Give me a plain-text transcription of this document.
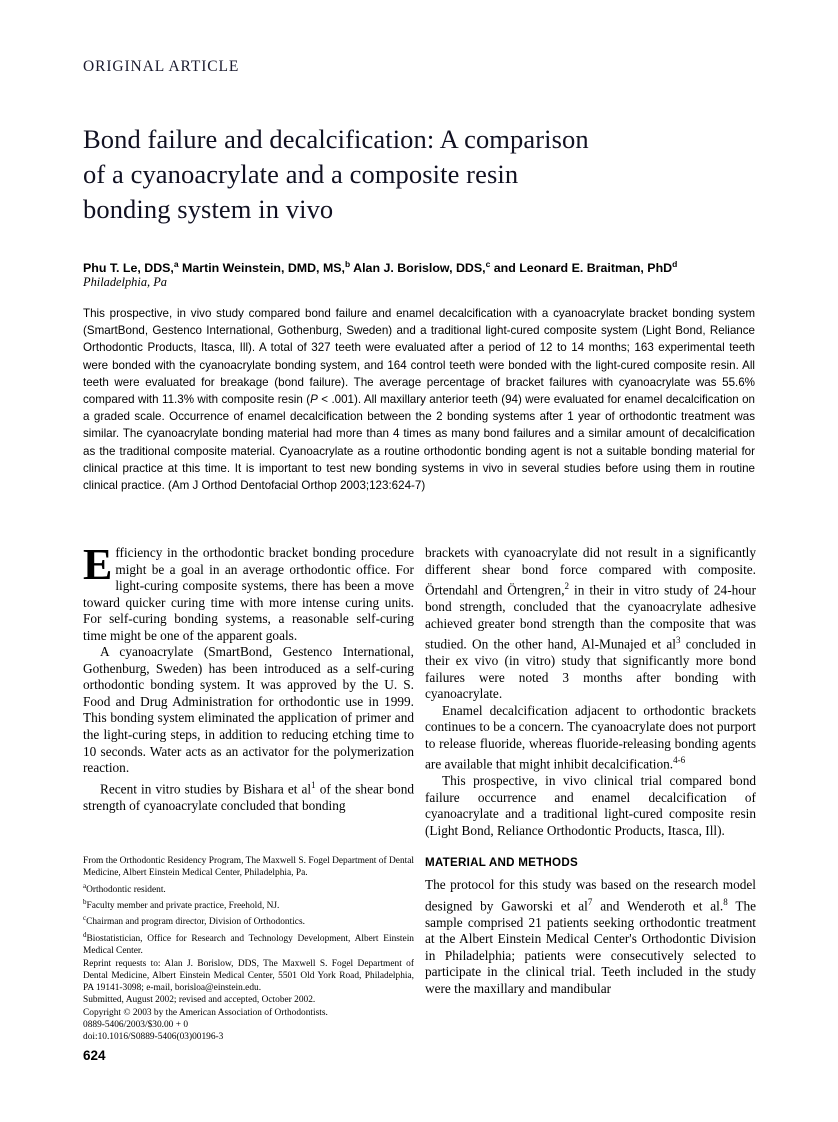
ORIGINAL ARTICLE
Bond failure and decalcification: A comparison
of a cyanoacrylate and a composite resin
bonding system in vivo
Phu T. Le, DDS,$^a$ Martin Weinstein, DMD, MS,$^b$ Alan J. Borislow, DDS,$^c$ and Leonard E. Braitman, PhD$^d$
Philadelphia, Pa
This prospective, in vivo study compared bond failure and enamel decalcification with a cyanoacrylate bracket bonding system (SmartBond, Gestenco International, Gothenburg, Sweden) and a traditional light-cured composite system (Light Bond, Reliance Orthodontic Products, Itasca, Ill). A total of 327 teeth were evaluated after a period of 12 to 14 months; 163 experimental teeth were bonded with the cyanoacrylate bonding system, and 164 control teeth were bonded with the light-cured composite resin. All teeth were evaluated for breakage (bond failure). The average percentage of bracket failures with cyanoacrylate was 55.6% compared with 11.3% with composite resin (P < .001). All maxillary anterior teeth (94) were evaluated for enamel decalcification on a graded scale. Occurrence of enamel decalcification between the 2 bonding systems after 1 year of orthodontic treatment was similar. The cyanoacrylate bonding material had more than 4 times as many bond failures and a similar amount of decalcification as the traditional composite material. Cyanoacrylate as a routine orthodontic bonding agent is not a suitable bonding material for clinical practice at this time. It is important to test new bonding systems in vivo in several studies before using them in routine clinical practice. (Am J Orthod Dentofacial Orthop 2003;123:624-7)

Efficiency in the orthodontic bracket bonding procedure might be a goal in an average orthodontic office. For light-curing composite systems, there has been a move toward quicker curing time with more intense curing units. For self-curing bonding systems, a reasonable self-curing time might be one of the apparent goals.

A cyanoacrylate (SmartBond, Gestenco International, Gothenburg, Sweden) has been introduced as a self-curing orthodontic bonding system. It was approved by the U. S. Food and Drug Administration for orthodontic use in 1999. This bonding system eliminated the application of primer and the light-curing steps, in addition to reducing etching time to 10 seconds. Water acts as an activator for the polymerization reaction.

Recent in vitro studies by Bishara et $al^1$ of the shear bond strength of cyanoacrylate concluded that bonding

brackets with cyanoacrylate did not result in a significantly different shear bond force compared with composite. Örtendahl and Örtengren,$^2$ in their in vitro study of 24-hour bond strength, concluded that the cyanoacrylate adhesive achieved greater bond strength than the composite that was studied. On the other hand, Al-Munajed et $al^3$ concluded in their ex vivo (in vitro) study that significantly more bond failures were noted 3 months after bonding with cyanoacrylate.

Enamel decalcification adjacent to orthodontic brackets continues to be a concern. The cyanoacrylate does not purport to release fluoride, whereas fluoride-releasing bonding agents are available that might inhibit decalcification.$^{4-6}$

This prospective, in vivo clinical trial compared bond failure occurrence and enamel decalcification of cyanoacrylate and a traditional light-cured composite resin (Light Bond, Reliance Orthodontic Products, Itasca, Ill).

MATERIAL AND METHODS

The protocol for this study was based on the research model designed by Gaworski et $al^7$ and Wenderoth et al.$^8$ The sample comprised 21 patients seeking orthodontic treatment at the Albert Einstein Medical Center's Orthodontic Division in Philadelphia; patients were consecutively selected to participate in the clinical trial. Teeth included in the study were the maxillary and mandibular

From the Orthodontic Residency Program, The Maxwell S. Fogel Department of Dental Medicine, Albert Einstein Medical Center, Philadelphia, Pa.
$^a$Orthodontic resident.
$^b$Faculty member and private practice, Freehold, NJ.
$^c$Chairman and program director, Division of Orthodontics.
$^d$Biostatistician, Office for Research and Technology Development, Albert Einstein Medical Center.
Reprint requests to: Alan J. Borislow, DDS, The Maxwell S. Fogel Department of Dental Medicine, Albert Einstein Medical Center, 5501 Old York Road, Philadelphia, PA 19141-3098; e-mail, borisloa@einstein.edu.
Submitted, August 2002; revised and accepted, October 2002.
Copyright © 2003 by the American Association of Orthodontists.
0889-5406/2003/$30.00 + 0
doi:10.1016/S0889-5406(03)00196-3
624
